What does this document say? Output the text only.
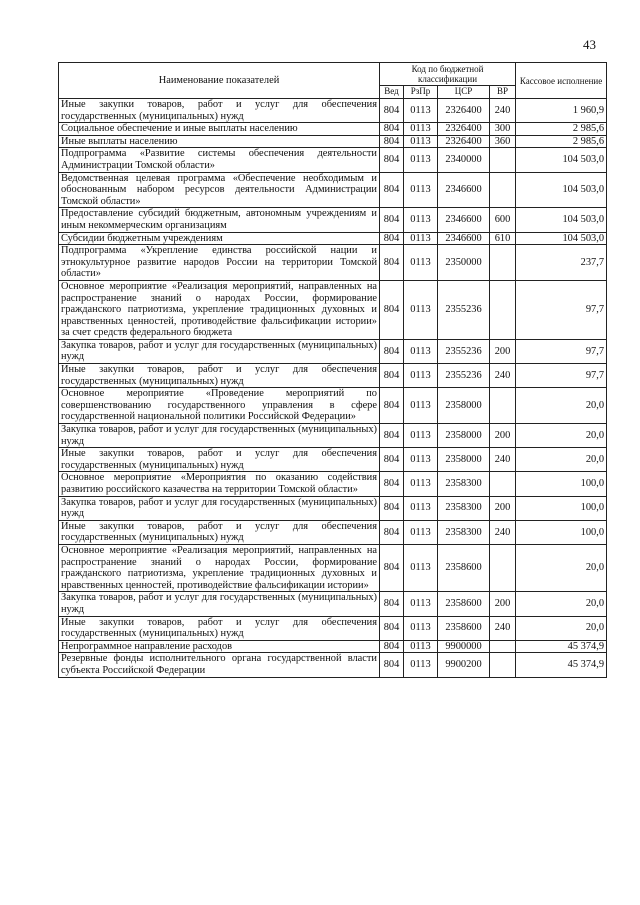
43
Наименование показателей	Код по бюджетной классификации				Кассовое исполнение
	Вед	РзПр	ЦСР	ВР	
Иные закупки товаров, работ и услуг для обеспечения государственных (муниципальных) нужд	804	0113	2326400	240	1 960,9
Социальное обеспечение и иные выплаты населению	804	0113	2326400	300	2 985,6
Иные выплаты населению	804	0113	2326400	360	2 985,6
Подпрограмма «Развитие системы обеспечения деятельности Администрации Томской области»	804	0113	2340000		104 503,0
Ведомственная целевая программа «Обеспечение необходимым и обоснованным набором ресурсов деятельности Администрации Томской области»	804	0113	2346600		104 503,0
Предоставление субсидий бюджетным, автономным учреждениям и иным некоммерческим организациям	804	0113	2346600	600	104 503,0
Субсидии бюджетным учреждениям	804	0113	2346600	610	104 503,0
Подпрограмма «Укрепление единства российской нации и этнокультурное развитие народов России на территории Томской области»	804	0113	2350000		237,7
Основное мероприятие «Реализация мероприятий, направленных на распространение знаний о народах России, формирование гражданского патриотизма, укрепление традиционных духовных и нравственных ценностей, противодействие фальсификации истории» за счет средств федерального бюджета	804	0113	2355236		97,7
Закупка товаров, работ и услуг для государственных (муниципальных) нужд	804	0113	2355236	200	97,7
Иные закупки товаров, работ и услуг для обеспечения государственных (муниципальных) нужд	804	0113	2355236	240	97,7
Основное мероприятие «Проведение мероприятий по совершенствованию государственного управления в сфере государственной национальной политики Российской Федерации»	804	0113	2358000		20,0
Закупка товаров, работ и услуг для государственных (муниципальных) нужд	804	0113	2358000	200	20,0
Иные закупки товаров, работ и услуг для обеспечения государственных (муниципальных) нужд	804	0113	2358000	240	20,0
Основное мероприятие «Мероприятия по оказанию содействия развитию российского казачества на территории Томской области»	804	0113	2358300		100,0
Закупка товаров, работ и услуг для государственных (муниципальных) нужд	804	0113	2358300	200	100,0
Иные закупки товаров, работ и услуг для обеспечения государственных (муниципальных) нужд	804	0113	2358300	240	100,0
Основное мероприятие «Реализация мероприятий, направленных на распространение знаний о народах России, формирование гражданского патриотизма, укрепление традиционных духовных и нравственных ценностей, противодействие фальсификации истории»	804	0113	2358600		20,0
Закупка товаров, работ и услуг для государственных (муниципальных) нужд	804	0113	2358600	200	20,0
Иные закупки товаров, работ и услуг для обеспечения государственных (муниципальных) нужд	804	0113	2358600	240	20,0
Непрограммное направление расходов	804	0113	9900000		45 374,9
Резервные фонды исполнительного органа государственной власти субъекта Российской Федерации	804	0113	9900200		45 374,9
